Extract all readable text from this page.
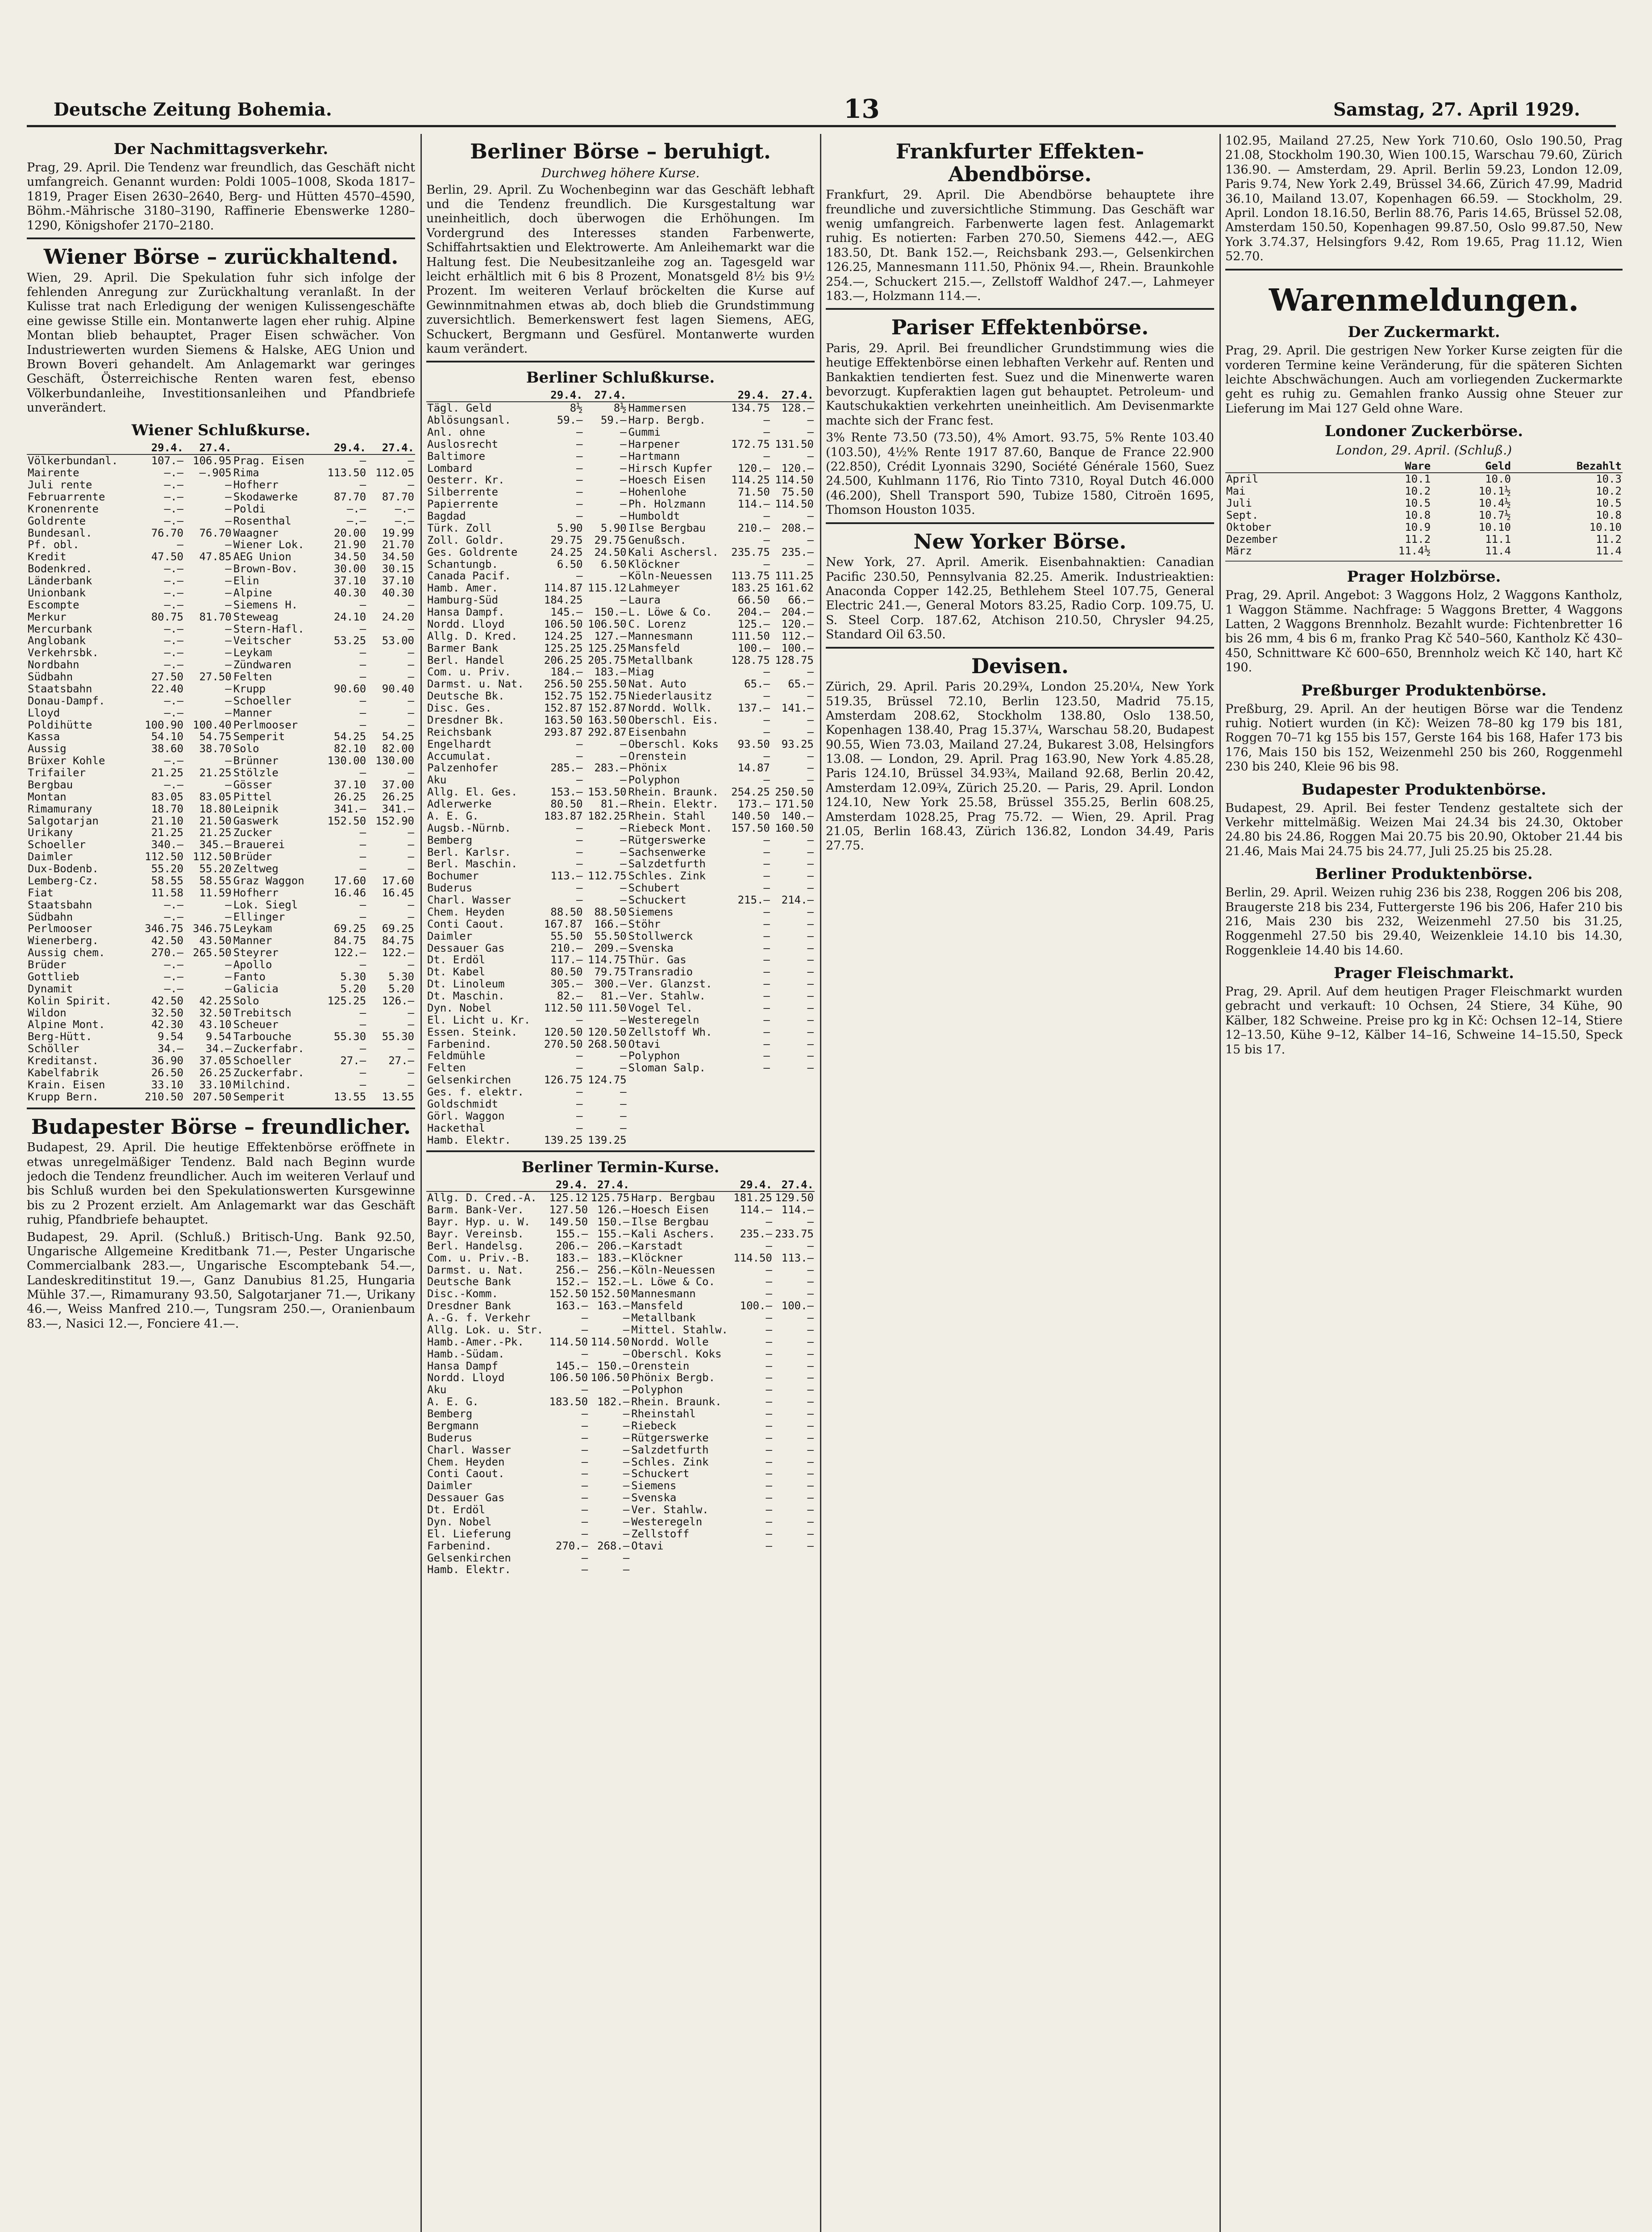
Deutsche Zeitung Bohemia.	13	Samstag, 27. April 1929.
Der Nachmittagsverkehr.

Prag, 29. April. Die Tendenz war freundlich, das Geschäft nicht umfangreich. Genannt wurden: Poldi 1005–1008, Skoda 1817–1819, Prager Eisen 2630–2640, Berg- und Hütten 4570–4590, Böhm.-Mährische 3180–3190, Raffinerie Ebenswerke 1280–1290, Königshofer 2170–2180.

Wiener Börse – zurückhaltend.

Wien, 29. April. Die Spekulation fuhr sich infolge der fehlenden Anregung zur Zurückhaltung veranlaßt. In der Kulisse trat nach Erledigung der wenigen Kulissengeschäfte eine gewisse Stille ein. Montanwerte lagen eher ruhig. Alpine Montan blieb behauptet, Prager Eisen schwächer. Von Industriewerten wurden Siemens & Halske, AEG Union und Brown Boveri gehandelt. Am Anlagemarkt war geringes Geschäft, Österreichische Renten waren fest, ebenso Völkerbundanleihe, Investitionsanleihen und Pfandbriefe unverändert.

Wiener Schlußkurse.
	29.4.	27.4.		29.4.	27.4.
Völkerbundanl.	107.—	106.95	Prag. Eisen	—	—
Mairente	—.—	—.905	Rima	113.50	112.05
Juli rente	—.—	—	Hofherr	—	—
Februarrente	—.—	—	Skodawerke	87.70	87.70
Kronenrente	—.—	—	Poldi	—.—	—.—
Goldrente	—.—	—	Rosenthal	—.—	—.—
Bundesanl.	76.70	76.70	Waagner	20.00	19.99
Pf. obl.	—	—	Wiener Lok.	21.90	21.70
Kredit	47.50	47.85	AEG Union	34.50	34.50
Bodenkred.	—.—	—	Brown-Bov.	30.00	30.15
Länderbank	—.—	—	Elin	37.10	37.10
Unionbank	—.—	—	Alpine	40.30	40.30
Escompte	—.—	—	Siemens H.	—	—
Merkur	80.75	81.70	Steweag	24.10	24.20
Mercurbank	—.—	—	Stern-Hafl.	—	—
Anglobank	—.—	—	Veitscher	53.25	53.00
Verkehrsbk.	—.—	—	Leykam	—	—
Nordbahn	—.—	—	Zündwaren	—	—
Südbahn	27.50	27.50	Felten	—	—
Staatsbahn	22.40	—	Krupp	90.60	90.40
Donau-Dampf.	—.—	—	Schoeller	—	—
Lloyd	—.—	—	Manner	—	—
Poldihütte	100.90	100.40	Perlmooser	—	—
Kassa	54.10	54.75	Semperit	54.25	54.25
Aussig	38.60	38.70	Solo	82.10	82.00
Brüxer Kohle	—.—	—	Brünner	130.00	130.00
Trifailer	21.25	21.25	Stölzle	—	—
Bergbau	—.—	—	Gösser	37.10	37.00
Montan	83.05	83.05	Pittel	26.25	26.25
Rimamurany	18.70	18.80	Leipnik	341.—	341.—
Salgotarjan	21.10	21.50	Gaswerk	152.50	152.90
Urikany	21.25	21.25	Zucker	—	—
Schoeller	340.—	345.—	Brauerei	—	—
Daimler	112.50	112.50	Brüder	—	—
Dux-Bodenb.	55.20	55.20	Zeltweg	—	—
Lemberg-Cz.	58.55	58.55	Graz Waggon	17.60	17.60
Fiat	11.58	11.59	Hofherr	16.46	16.45
Staatsbahn	—.—	—	Lok. Siegl	—	—
Südbahn	—.—	—	Ellinger	—	—
Perlmooser	346.75	346.75	Leykam	69.25	69.25
Wienerberg.	42.50	43.50	Manner	84.75	84.75
Aussig chem.	270.—	265.50	Steyrer	122.—	122.—
Brüder	—.—	—	Apollo	—	—
Gottlieb	—.—	—	Fanto	5.30	5.30
Dynamit	—.—	—	Galicia	5.20	5.20
Kolin Spirit.	42.50	42.25	Solo	125.25	126.—
Wildon	32.50	32.50	Trebitsch	—	—
Alpine Mont.	42.30	43.10	Scheuer	—	—
Berg-Hütt.	9.54	9.54	Tarbouche	55.30	55.30
Schöller	34.—	34.—	Zuckerfabr.	—	—
Kreditanst.	36.90	37.05	Schoeller	27.—	27.—
Kabelfabrik	26.50	26.25	Zuckerfabr.	—	—
Krain. Eisen	33.10	33.10	Milchind.	—	—
Krupp Bern.	210.50	207.50	Semperit	13.55	13.55
Budapester Börse – freundlicher.

Budapest, 29. April. Die heutige Effektenbörse eröffnete in etwas unregelmäßiger Tendenz. Bald nach Beginn wurde jedoch die Tendenz freundlicher. Auch im weiteren Verlauf und bis Schluß wurden bei den Spekulationswerten Kursgewinne bis zu 2 Prozent erzielt. Am Anlagemarkt war das Geschäft ruhig, Pfandbriefe behauptet.

Budapest, 29. April. (Schluß.) Britisch-Ung. Bank 92.50, Ungarische Allgemeine Kreditbank 71.—, Pester Ungarische Commercialbank 283.—, Ungarische Escomptebank 54.—, Landeskreditinstitut 19.—, Ganz Danubius 81.25, Hungaria Mühle 37.—, Rimamurany 93.50, Salgotarjaner 71.—, Urikany 46.—, Weiss Manfred 210.—, Tungsram 250.—, Oranienbaum 83.—, Nasici 12.—, Fonciere 41.—.

Berliner Börse – beruhigt.
Durchweg höhere Kurse.

Berlin, 29. April. Zu Wochenbeginn war das Geschäft lebhaft und die Tendenz freundlich. Die Kursgestaltung war uneinheitlich, doch überwogen die Erhöhungen. Im Vordergrund des Interesses standen Farbenwerte, Schiffahrtsaktien und Elektrowerte. Am Anleihemarkt war die Haltung fest. Die Neubesitzanleihe zog an. Tagesgeld war leicht erhältlich mit 6 bis 8 Prozent, Monatsgeld 8½ bis 9½ Prozent. Im weiteren Verlauf bröckelten die Kurse auf Gewinnmitnahmen etwas ab, doch blieb die Grundstimmung zuversichtlich. Bemerkenswert fest lagen Siemens, AEG, Schuckert, Bergmann und Gesfürel. Montanwerte wurden kaum verändert.

Berliner Schlußkurse.
	29.4.	27.4.		29.4.	27.4.
Tägl. Geld	8½	8½	Hammersen	134.75	128.—
Ablösungsanl.	59.—	59.—	Harp. Bergb.	—	—
Anl. ohne	—	—	Gummi	—	—
Auslosrecht	—	—	Harpener	172.75	131.50
Baltimore	—	—	Hartmann	—	—
Lombard	—	—	Hirsch Kupfer	120.—	120.—
Oesterr. Kr.	—	—	Hoesch Eisen	114.25	114.50
Silberrente	—	—	Hohenlohe	71.50	75.50
Papierrente	—	—	Ph. Holzmann	114.—	114.50
Bagdad	—	—	Humboldt	—	—
Türk. Zoll	5.90	5.90	Ilse Bergbau	210.—	208.—
Zoll. Goldr.	29.75	29.75	Genußsch.	—	—
Ges. Goldrente	24.25	24.50	Kali Aschersl.	235.75	235.—
Schantungb.	6.50	6.50	Klöckner	—	—
Canada Pacif.	—	—	Köln-Neuessen	113.75	111.25
Hamb. Amer.	114.87	115.12	Lahmeyer	183.25	161.62
Hamburg-Süd	184.25	—	Laura	66.50	66.—
Hansa Dampf.	145.—	150.—	L. Löwe & Co.	204.—	204.—
Nordd. Lloyd	106.50	106.50	C. Lorenz	125.—	120.—
Allg. D. Kred.	124.25	127.—	Mannesmann	111.50	112.—
Barmer Bank	125.25	125.25	Mansfeld	100.—	100.—
Berl. Handel	206.25	205.75	Metallbank	128.75	128.75
Com. u. Priv.	184.—	183.—	Miag	—	—
Darmst. u. Nat.	256.50	255.50	Nat. Auto	65.—	65.—
Deutsche Bk.	152.75	152.75	Niederlausitz	—	—
Disc. Ges.	152.87	152.87	Nordd. Wollk.	137.—	141.—
Dresdner Bk.	163.50	163.50	Oberschl. Eis.	—	—
Reichsbank	293.87	292.87	Eisenbahn	—	—
Engelhardt	—	—	Oberschl. Koks	93.50	93.25
Accumulat.	—	—	Orenstein	—	—
Palzenhofer	285.—	283.—	Phönix	14.87	—
Aku	—	—	Polyphon	—	—
Allg. El. Ges.	153.—	153.50	Rhein. Braunk.	254.25	250.50
Adlerwerke	80.50	81.—	Rhein. Elektr.	173.—	171.50
A. E. G.	183.87	182.25	Rhein. Stahl	140.50	140.—
Augsb.-Nürnb.	—	—	Riebeck Mont.	157.50	160.50
Bemberg	—	—	Rütgerswerke	—	—
Berl. Karlsr.	—	—	Sachsenwerke	—	—
Berl. Maschin.	—	—	Salzdetfurth	—	—
Bochumer	113.—	112.75	Schles. Zink	—	—
Buderus	—	—	Schubert	—	—
Charl. Wasser	—	—	Schuckert	215.—	214.—
Chem. Heyden	88.50	88.50	Siemens	—	—
Conti Caout.	167.87	166.—	Stöhr	—	—
Daimler	55.50	55.50	Stollwerck	—	—
Dessauer Gas	210.—	209.—	Svenska	—	—
Dt. Erdöl	117.—	114.75	Thür. Gas	—	—
Dt. Kabel	80.50	79.75	Transradio	—	—
Dt. Linoleum	305.—	300.—	Ver. Glanzst.	—	—
Dt. Maschin.	82.—	81.—	Ver. Stahlw.	—	—
Dyn. Nobel	112.50	111.50	Vogel Tel.	—	—
El. Licht u. Kr.	—	—	Westeregeln	—	—
Essen. Steink.	120.50	120.50	Zellstoff Wh.	—	—
Farbenind.	270.50	268.50	Otavi	—	—
Feldmühle	—	—	Polyphon	—	—
Felten	—	—	Sloman Salp.	—	—
Gelsenkirchen	126.75	124.75			
Ges. f. elektr.	—	—			
Goldschmidt	—	—			
Görl. Waggon	—	—			
Hackethal	—	—			
Hamb. Elektr.	139.25	139.25			
Berliner Termin-Kurse.
	29.4.	27.4.		29.4.	27.4.
Allg. D. Cred.-A.	125.12	125.75	Harp. Bergbau	181.25	129.50
Barm. Bank-Ver.	127.50	126.—	Hoesch Eisen	114.—	114.—
Bayr. Hyp. u. W.	149.50	150.—	Ilse Bergbau	—	—
Bayr. Vereinsb.	155.—	155.—	Kali Aschers.	235.—	233.75
Berl. Handelsg.	206.—	206.—	Karstadt	—	—
Com. u. Priv.-B.	183.—	183.—	Klöckner	114.50	113.—
Darmst. u. Nat.	256.—	256.—	Köln-Neuessen	—	—
Deutsche Bank	152.—	152.—	L. Löwe & Co.	—	—
Disc.-Komm.	152.50	152.50	Mannesmann	—	—
Dresdner Bank	163.—	163.—	Mansfeld	100.—	100.—
A.-G. f. Verkehr	—	—	Metallbank	—	—
Allg. Lok. u. Str.	—	—	Mittel. Stahlw.	—	—
Hamb.-Amer.-Pk.	114.50	114.50	Nordd. Wolle	—	—
Hamb.-Südam.	—	—	Oberschl. Koks	—	—
Hansa Dampf	145.—	150.—	Orenstein	—	—
Nordd. Lloyd	106.50	106.50	Phönix Bergb.	—	—
Aku	—	—	Polyphon	—	—
A. E. G.	183.50	182.—	Rhein. Braunk.	—	—
Bemberg	—	—	Rheinstahl	—	—
Bergmann	—	—	Riebeck	—	—
Buderus	—	—	Rütgerswerke	—	—
Charl. Wasser	—	—	Salzdetfurth	—	—
Chem. Heyden	—	—	Schles. Zink	—	—
Conti Caout.	—	—	Schuckert	—	—
Daimler	—	—	Siemens	—	—
Dessauer Gas	—	—	Svenska	—	—
Dt. Erdöl	—	—	Ver. Stahlw.	—	—
Dyn. Nobel	—	—	Westeregeln	—	—
El. Lieferung	—	—	Zellstoff	—	—
Farbenind.	270.—	268.—	Otavi	—	—
Gelsenkirchen	—	—			
Hamb. Elektr.	—	—			
Frankfurter Effekten-Abendbörse.

Frankfurt, 29. April. Die Abendbörse behauptete ihre freundliche und zuversichtliche Stimmung. Das Geschäft war wenig umfangreich. Farbenwerte lagen fest. Anlagemarkt ruhig. Es notierten: Farben 270.50, Siemens 442.—, AEG 183.50, Dt. Bank 152.—, Reichsbank 293.—, Gelsenkirchen 126.25, Mannesmann 111.50, Phönix 94.—, Rhein. Braunkohle 254.—, Schuckert 215.—, Zellstoff Waldhof 247.—, Lahmeyer 183.—, Holzmann 114.—.

Pariser Effektenbörse.

Paris, 29. April. Bei freundlicher Grundstimmung wies die heutige Effektenbörse einen lebhaften Verkehr auf. Renten und Bankaktien tendierten fest. Suez und die Minenwerte waren bevorzugt. Kupferaktien lagen gut behauptet. Petroleum- und Kautschukaktien verkehrten uneinheitlich. Am Devisenmarkte machte sich der Franc fest.

3% Rente 73.50 (73.50), 4% Amort. 93.75, 5% Rente 103.40 (103.50), 4½% Rente 1917 87.60, Banque de France 22.900 (22.850), Crédit Lyonnais 3290, Société Générale 1560, Suez 24.500, Kuhlmann 1176, Rio Tinto 7310, Royal Dutch 46.000 (46.200), Shell Transport 590, Tubize 1580, Citroën 1695, Thomson Houston 1035.

New Yorker Börse.

New York, 27. April. Amerik. Eisenbahnaktien: Canadian Pacific 230.50, Pennsylvania 82.25. Amerik. Industrieaktien: Anaconda Copper 142.25, Bethlehem Steel 107.75, General Electric 241.—, General Motors 83.25, Radio Corp. 109.75, U. S. Steel Corp. 187.62, Atchison 210.50, Chrysler 94.25, Standard Oil 63.50.

Devisen.

Zürich, 29. April. Paris 20.29¾, London 25.20¼, New York 519.35, Brüssel 72.10, Berlin 123.50, Madrid 75.15, Amsterdam 208.62, Stockholm 138.80, Oslo 138.50, Kopenhagen 138.40, Prag 15.37¼, Warschau 58.20, Budapest 90.55, Wien 73.03, Mailand 27.24, Bukarest 3.08, Helsingfors 13.08. — London, 29. April. Prag 163.90, New York 4.85.28, Paris 124.10, Brüssel 34.93¾, Mailand 92.68, Berlin 20.42, Amsterdam 12.09¾, Zürich 25.20. — Paris, 29. April. London 124.10, New York 25.58, Brüssel 355.25, Berlin 608.25, Amsterdam 1028.25, Prag 75.72. — Wien, 29. April. Prag 21.05, Berlin 168.43, Zürich 136.82, London 34.49, Paris 27.75.

102.95, Mailand 27.25, New York 710.60, Oslo 190.50, Prag 21.08, Stockholm 190.30, Wien 100.15, Warschau 79.60, Zürich 136.90. — Amsterdam, 29. April. Berlin 59.23, London 12.09, Paris 9.74, New York 2.49, Brüssel 34.66, Zürich 47.99, Madrid 36.10, Mailand 13.07, Kopenhagen 66.59. — Stockholm, 29. April. London 18.16.50, Berlin 88.76, Paris 14.65, Brüssel 52.08, Amsterdam 150.50, Kopenhagen 99.87.50, Oslo 99.87.50, New York 3.74.37, Helsingfors 9.42, Rom 19.65, Prag 11.12, Wien 52.70.

Warenmeldungen.
Der Zuckermarkt.

Prag, 29. April. Die gestrigen New Yorker Kurse zeigten für die vorderen Termine keine Veränderung, für die späteren Sichten leichte Abschwächungen. Auch am vorliegenden Zuckermarkte geht es ruhig zu. Gemahlen franko Aussig ohne Steuer zur Lieferung im Mai 127 Geld ohne Ware.

Londoner Zuckerbörse.
London, 29. April. (Schluß.)
	Ware	Geld	Bezahlt
April	10.1	10.0	10.3
Mai	10.2	10.1½	10.2
Juli	10.5	10.4½	10.5
Sept.	10.8	10.7½	10.8
Oktober	10.9	10.10	10.10
Dezember	11.2	11.1	11.2
März	11.4½	11.4	11.4
Prager Holzbörse.

Prag, 29. April. Angebot: 3 Waggons Holz, 2 Waggons Kantholz, 1 Waggon Stämme. Nachfrage: 5 Waggons Bretter, 4 Waggons Latten, 2 Waggons Brennholz. Bezahlt wurde: Fichtenbretter 16 bis 26 mm, 4 bis 6 m, franko Prag Kč 540–560, Kantholz Kč 430–450, Schnittware Kč 600–650, Brennholz weich Kč 140, hart Kč 190.

Preßburger Produktenbörse.

Preßburg, 29. April. An der heutigen Börse war die Tendenz ruhig. Notiert wurden (in Kč): Weizen 78–80 kg 179 bis 181, Roggen 70–71 kg 155 bis 157, Gerste 164 bis 168, Hafer 173 bis 176, Mais 150 bis 152, Weizenmehl 250 bis 260, Roggenmehl 230 bis 240, Kleie 96 bis 98.

Budapester Produktenbörse.

Budapest, 29. April. Bei fester Tendenz gestaltete sich der Verkehr mittelmäßig. Weizen Mai 24.34 bis 24.30, Oktober 24.80 bis 24.86, Roggen Mai 20.75 bis 20.90, Oktober 21.44 bis 21.46, Mais Mai 24.75 bis 24.77, Juli 25.25 bis 25.28.

Berliner Produktenbörse.

Berlin, 29. April. Weizen ruhig 236 bis 238, Roggen 206 bis 208, Braugerste 218 bis 234, Futtergerste 196 bis 206, Hafer 210 bis 216, Mais 230 bis 232, Weizenmehl 27.50 bis 31.25, Roggenmehl 27.50 bis 29.40, Weizenkleie 14.10 bis 14.30, Roggenkleie 14.40 bis 14.60.

Prager Fleischmarkt.

Prag, 29. April. Auf dem heutigen Prager Fleischmarkt wurden gebracht und verkauft: 10 Ochsen, 24 Stiere, 34 Kühe, 90 Kälber, 182 Schweine. Preise pro kg in Kč: Ochsen 12–14, Stiere 12–13.50, Kühe 9–12, Kälber 14–16, Schweine 14–15.50, Speck 15 bis 17.
